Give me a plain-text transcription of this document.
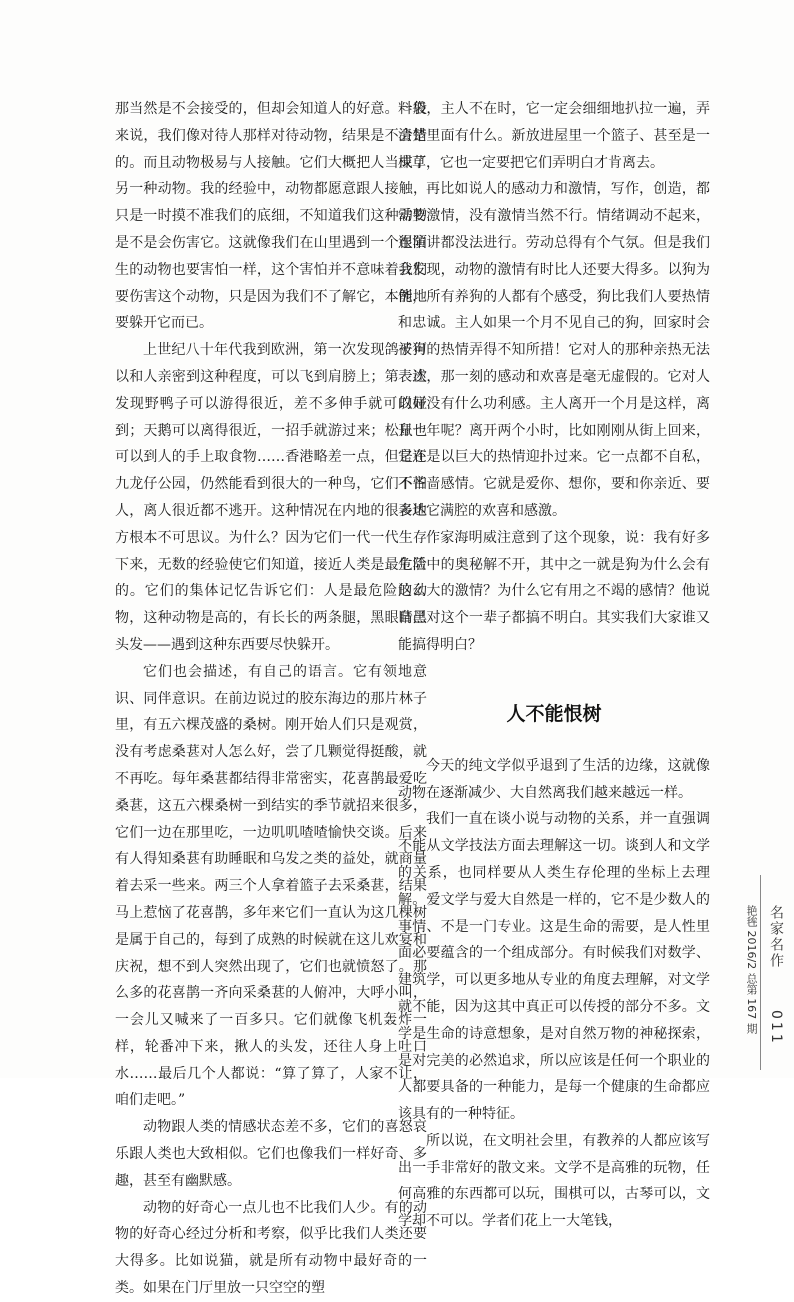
那当然是不会接受的，但却会知道人的好意。一般来说，我们像对待人那样对待动物，结果是不会错的。而且动物极易与人接触。它们大概把人当成了另一种动物。我的经验中，动物都愿意跟人接触，只是一时摸不准我们的底细，不知道我们这种动物是不是会伤害它。这就像我们在山里遇到一个很陌生的动物也要害怕一样，这个害怕并不意味着我们要伤害这个动物，只是因为我们不了解它，本能地要躲开它而已。

上世纪八十年代我到欧洲，第一次发现鸽子可以和人亲密到这种程度，可以飞到肩膀上；第一次发现野鸭子可以游得很近，差不多伸手就可以碰到；天鹅可以离得很近，一招手就游过来；松鼠也可以到人的手上取食物……香港略差一点，但是在九龙仔公园，仍然能看到很大的一种鸟，它们不怕人，离人很近都不逃开。这种情况在内地的很多地方根本不可思议。为什么？因为它们一代一代生存下来，无数的经验使它们知道，接近人类是最危险的。它们的集体记忆告诉它们：人是最危险的动物，这种动物是高的，有长长的两条腿，黑眼睛黑头发——遇到这种东西要尽快躲开。

它们也会描述，有自己的语言。它有领地意识、同伴意识。在前边说过的胶东海边的那片林子里，有五六棵茂盛的桑树。刚开始人们只是观赏，没有考虑桑葚对人怎么好，尝了几颗觉得挺酸，就不再吃。每年桑葚都结得非常密实，花喜鹊最爱吃桑葚，这五六棵桑树一到结实的季节就招来很多，它们一边在那里吃，一边叽叽喳喳愉快交谈。后来有人得知桑葚有助睡眠和乌发之类的益处，就商量着去采一些来。两三个人拿着篮子去采桑葚，结果马上惹恼了花喜鹊，多年来它们一直认为这几棵树是属于自己的，每到了成熟的时候就在这儿欢宴和庆祝，想不到人突然出现了，它们也就愤怒了。那么多的花喜鹊一齐向采桑葚的人俯冲，大呼小叫，一会儿又喊来了一百多只。它们就像飞机轰炸一样，轮番冲下来，揪人的头发，还往人身上吐口水……最后几个人都说：“算了算了，人家不让，咱们走吧。”

动物跟人类的情感状态差不多，它们的喜怒哀乐跟人类也大致相似。它们也像我们一样好奇、多趣，甚至有幽默感。

动物的好奇心一点儿也不比我们人少。有的动物的好奇心经过分析和考察，似乎比我们人类还要大得多。比如说猫，就是所有动物中最好奇的一类。如果在门厅里放一只空空的塑

料袋，主人不在时，它一定会细细地扒拉一遍，弄清楚里面有什么。新放进屋里一个篮子、甚至是一棵草，它也一定要把它们弄明白才肯离去。

再比如说人的感动力和激情，写作，创造，都需要激情，没有激情当然不行。情绪调动不起来，连演讲都没法进行。劳动总得有个气氛。但是我们会发现，动物的激情有时比人还要大得多。以狗为例，所有养狗的人都有个感受，狗比我们人要热情和忠诚。主人如果一个月不见自己的狗，回家时会被狗的热情弄得不知所措！它对人的那种亲热无法表述，那一刻的感动和欢喜是毫无虚假的。它对人的好没有什么功利感。主人离开一个月是这样，离开一年呢？离开两个小时，比如刚刚从街上回来，它还是以巨大的热情迎扑过来。它一点都不自私，不吝啬感情。它就是爱你、想你，要和你亲近、要表达它满腔的欢喜和感激。

作家海明威注意到了这个现象，说：我有好多生活中的奥秘解不开，其中之一就是狗为什么会有这么大的激情？为什么它有用之不竭的感情？他说自己对这个一辈子都搞不明白。其实我们大家谁又能搞得明白？

人不能恨树

今天的纯文学似乎退到了生活的边缘，这就像动物在逐渐减少、大自然离我们越来越远一样。

我们一直在谈小说与动物的关系，并一直强调不能从文学技法方面去理解这一切。谈到人和文学的关系，也同样要从人类生存伦理的坐标上去理解。爱文学与爱大自然是一样的，它不是少数人的事情、不是一门专业。这是生命的需要，是人性里面必要蕴含的一个组成部分。有时候我们对数学、建筑学，可以更多地从专业的角度去理解，对文学就不能，因为这其中真正可以传授的部分不多。文学是生命的诗意想象，是对自然万物的神秘探索，是对完美的必然追求，所以应该是任何一个职业的人都要具备的一种能力，是每一个健康的生命都应该具有的一种特征。

所以说，在文明社会里，有教养的人都应该写出一手非常好的散文来。文学不是高雅的玩物，任何高雅的东西都可以玩，围棋可以，古琴可以，文学却不可以。学者们花上一大笔钱，

艳毪 2016/2 总第 167 期 名家名作
011
